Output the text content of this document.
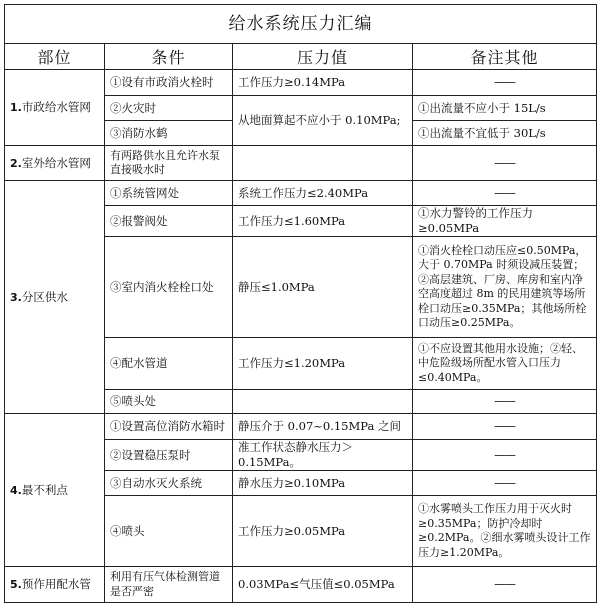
给水系统压力汇编			
部位	条件	压力值	备注其他
1.市政给水管网	①设有市政消火栓时	工作压力≥0.14MPa	——
	②火灾时	从地面算起不应小于 0.10MPa;	①出流量不应小于 15L/s
	③消防水鹤		①出流量不宜低于 30L/s
2.室外给水管网	有两路供水且允许水泵直接吸水时		——
3.分区供水	①系统管网处	系统工作压力≤2.40MPa	——
	②报警阀处	工作压力≤1.60MPa	①水力警铃的工作压力≥0.05MPa
	③室内消火栓栓口处	静压≤1.0MPa	①消火栓栓口动压应≤0.50MPa，大于 0.70MPa 时须设减压装置；②高层建筑、厂房、库房和室内净空高度超过 8m 的民用建筑等场所栓口动压≥0.35MPa；其他场所栓口动压≥0.25MPa。
	④配水管道	工作压力≤1.20MPa	①不应设置其他用水设施；②轻、中危险级场所配水管入口压力≤0.40MPa。
	⑤喷头处		——
4.最不利点	①设置高位消防水箱时	静压介于 0.07~0.15MPa 之间	——
	②设置稳压泵时	准工作状态静水压力＞0.15MPa。	——
	③自动水灭火系统	静水压力≥0.10MPa	——
	④喷头	工作压力≥0.05MPa	①水雾喷头工作压力用于灭火时≥0.35MPa；防护冷却时≥0.2MPa。②细水雾喷头设计工作压力≥1.20MPa。
5.预作用配水管	利用有压气体检测管道是否严密	0.03MPa≤气压值≤0.05MPa	——
